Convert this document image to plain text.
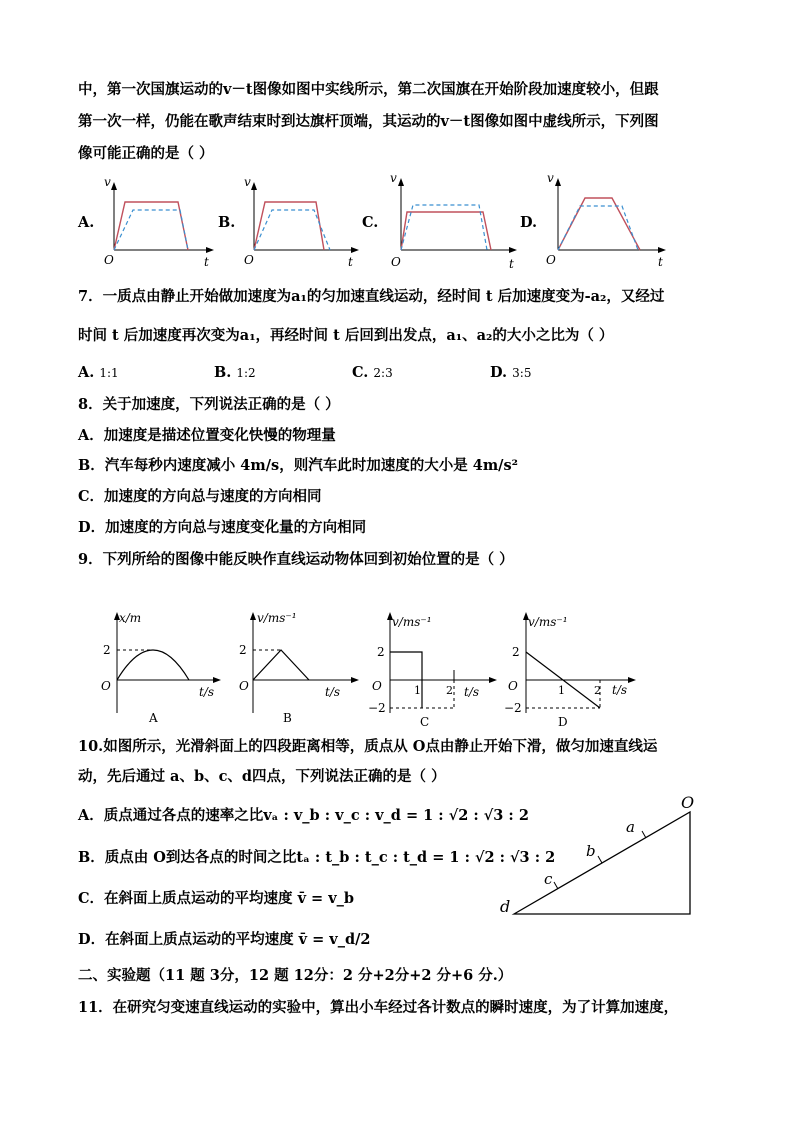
中，第一次国旗运动的v－t图像如图中实线所示，第二次国旗在开始阶段加速度较小，但跟
第一次一样，仍能在歌声结束时到达旗杆顶端，其运动的v－t图像如图中虚线所示，下列图
像可能正确的是（ ）
A.	B.	C.	D.
v
t
O
v
t
O
v
t
O
v
t
O
7．一质点由静止开始做加速度为a₁的匀加速直线运动，经时间 t 后加速度变为-a₂，又经过
时间 t 后加速度再次变为a₁，再经时间 t 后回到出发点，a₁、a₂的大小之比为（ ）
A. 1:1	B. 1:2	C. 2:3	D. 3:5
8．关于加速度，下列说法正确的是（ ）
A．加速度是描述位置变化快慢的物理量
B．汽车每秒内速度减小 4m/s，则汽车此时加速度的大小是 4m/s²
C．加速度的方向总与速度的方向相同
D．加速度的方向总与速度变化量的方向相同
9．下列所给的图像中能反映作直线运动物体回到初始位置的是（ ）
x/m
t/s
O
2
A
v/ms⁻¹
t/s
O
2
B
v/ms⁻¹
t/s
O
2
−2
1 2
C
v/ms⁻¹
t/s
O
2
−2
1	2
D
10.如图所示，光滑斜面上的四段距离相等，质点从 O点由静止开始下滑，做匀加速直线运
动，先后通过 a、b、c、d四点，下列说法正确的是（ ）
A．质点通过各点的速率之比vₐ : v_b : v_c : v_d = 1 : √2 : √3 : 2
B．质点由 O到达各点的时间之比tₐ : t_b : t_c : t_d = 1 : √2 : √3 : 2
C．在斜面上质点运动的平均速度 v̄ = v_b
D．在斜面上质点运动的平均速度 v̄ = v_d/2
O
a
b
c
d
二、实验题（11 题 3分，12 题 12分：2 分+2分+2 分+6 分.）
11．在研究匀变速直线运动的实验中，算出小车经过各计数点的瞬时速度，为了计算加速度，
